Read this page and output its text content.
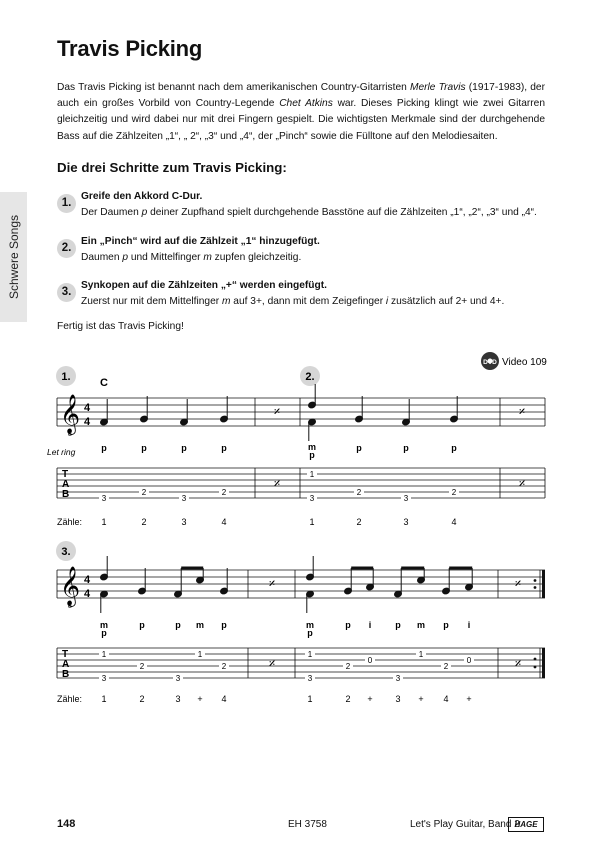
Schwere Songs
Travis Picking

Das Travis Picking ist benannt nach dem amerikanischen Country-Gitarristen Merle Travis (1917-1983), der auch ein großes Vorbild von Country-Legende Chet Atkins war. Dieses Picking klingt wie zwei Gitarren gleichzeitig und wird dabei nur mit drei Fingern gespielt. Die wichtigsten Merkmale sind der durchgehende Bass auf die Zählzeiten „1“, „ 2“, „3“ und „4“, der „Pinch“ sowie die Fülltone auf den Melodiesaiten.

Die drei Schritte zum Travis Picking:
1.
Greife den Akkord C-Dur.
Der Daumen p deiner Zupfhand spielt durchgehende Basstöne auf die Zählzeiten „1“, „2“, „3“ und „4“.
2.
Ein „Pinch“ wird auf die Zählzeit „1“ hinzugefügt.
Daumen p und Mittelfinger m zupfen gleichzeitig.
3.
Synkopen auf die Zählzeiten „+“ werden eingefügt.
Zuerst nur mit dem Mittelfinger m auf 3+, dann mit dem Zeigefinger i zusätzlich auf 2+ und 4+.

Fertig ist das Travis Picking!

DVD Video 109
1.	2.
C
𝄞
8
4
4
𝄎	𝄎
Let ring	p	p	p	p	m
p
p	p	p
T
A
B	3
2
3
2
1
3
2
3
2
𝄎	𝄎
Zähle: 1	2	3	4	1	2	3	4
3.
𝄞
8
4
4
𝄎	𝄎
m
p
p	p m p	m
p
p i	p m p i
T
A
B
1
3
2
3
1
2
1
3
2
0
3
1
2
0
𝄎	𝄎
Zähle: 1	2	3 + 4	1	2 +	3 + 4 +
148	EH 3758	Let's Play Guitar, Band 2
HAGE
